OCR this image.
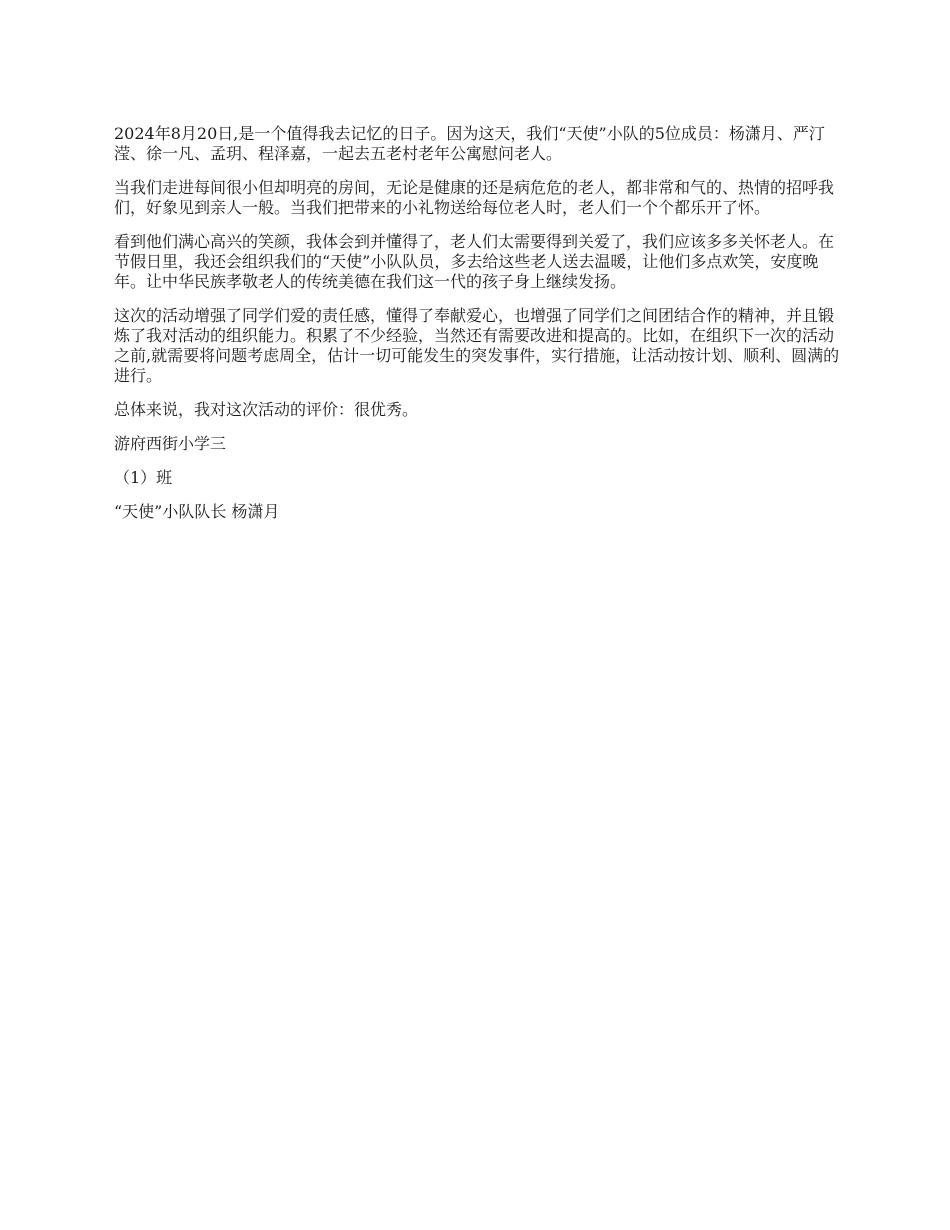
2024年8月20日,是一个值得我去记忆的日子。因为这天，我们“天使”小队的5位成员：杨潇月、严汀滢、徐一凡、孟玥、程泽嘉，一起去五老村老年公寓慰问老人。

当我们走进每间很小但却明亮的房间，无论是健康的还是病危危的老人，都非常和气的、热情的招呼我们，好象见到亲人一般。当我们把带来的小礼物送给每位老人时，老人们一个个都乐开了怀。

看到他们满心高兴的笑颜，我体会到并懂得了，老人们太需要得到关爱了，我们应该多多关怀老人。在节假日里，我还会组织我们的“天使”小队队员，多去给这些老人送去温暖，让他们多点欢笑，安度晚年。让中华民族孝敬老人的传统美德在我们这一代的孩子身上继续发扬。

这次的活动增强了同学们爱的责任感，懂得了奉献爱心，也增强了同学们之间团结合作的精神，并且锻炼了我对活动的组织能力。积累了不少经验，当然还有需要改进和提高的。比如，在组织下一次的活动之前,就需要将问题考虑周全，估计一切可能发生的突发事件，实行措施，让活动按计划、顺利、圆满的进行。

总体来说，我对这次活动的评价：很优秀。

游府西街小学三

（1）班

“天使”小队队长 杨潇月
